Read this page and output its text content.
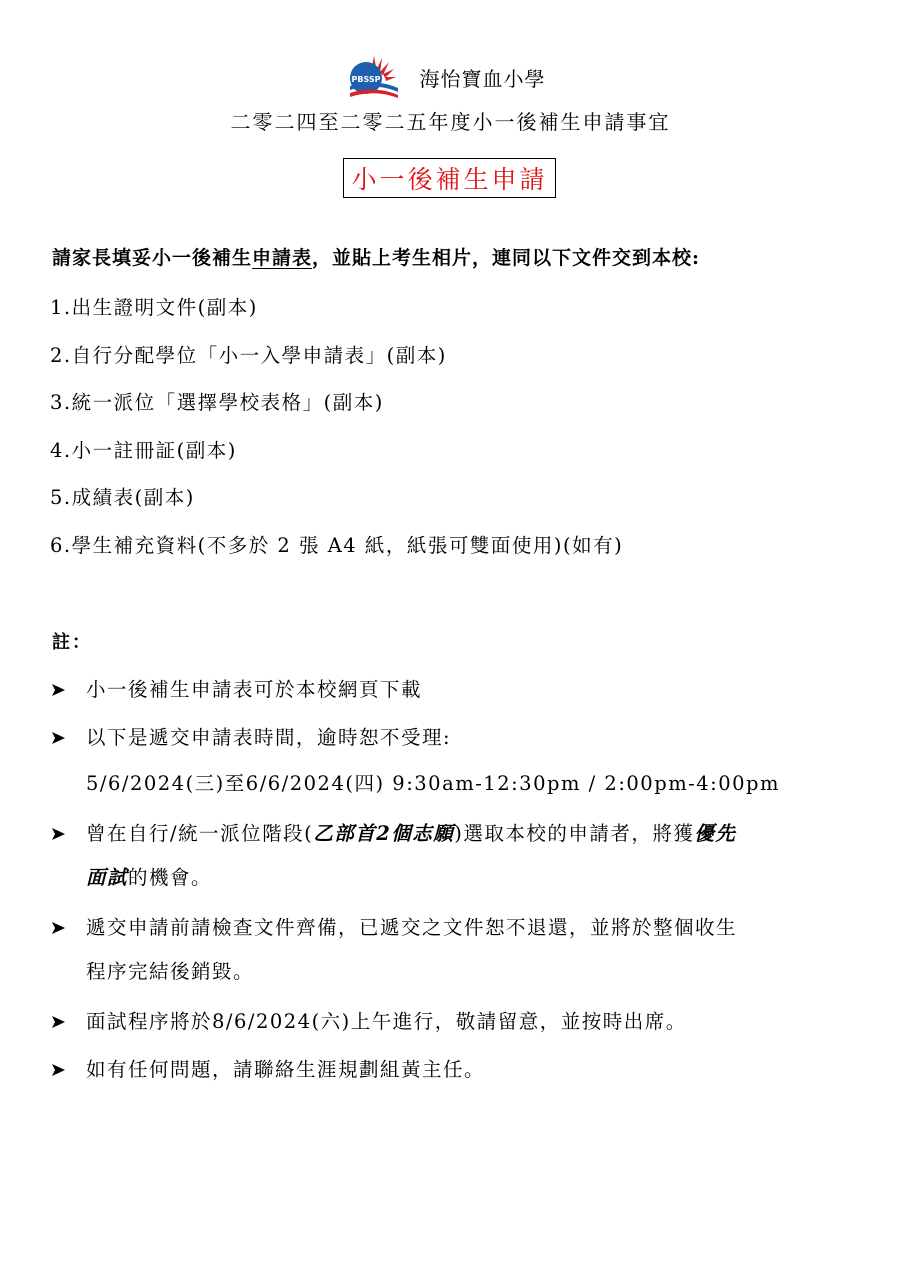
PBSSP 海怡寶血小學
二零二四至二零二五年度小一後補生申請事宜
小一後補生申請
請家長填妥小一後補生申請表，並貼上考生相片，連同以下文件交到本校:
1.出生證明文件(副本)
2.自行分配學位「小一入學申請表」(副本)
3.統一派位「選擇學校表格」(副本)
4.小一註冊証(副本)
5.成績表(副本)
6.學生補充資料(不多於 2 張 A4 紙，紙張可雙面使用)(如有)
註：
小一後補生申請表可於本校網頁下載
以下是遞交申請表時間，逾時恕不受理:
5/6/2024(三)至6/6/2024(四) 9:30am-12:30pm / 2:00pm-4:00pm
曾在自行/統一派位階段(乙部首2個志願)選取本校的申請者，將獲優先
面試的機會。
遞交申請前請檢查文件齊備，已遞交之文件恕不退還，並將於整個收生
程序完結後銷毀。
面試程序將於8/6/2024(六)上午進行，敬請留意，並按時出席。
如有任何問題，請聯絡生涯規劃組黃主任。
